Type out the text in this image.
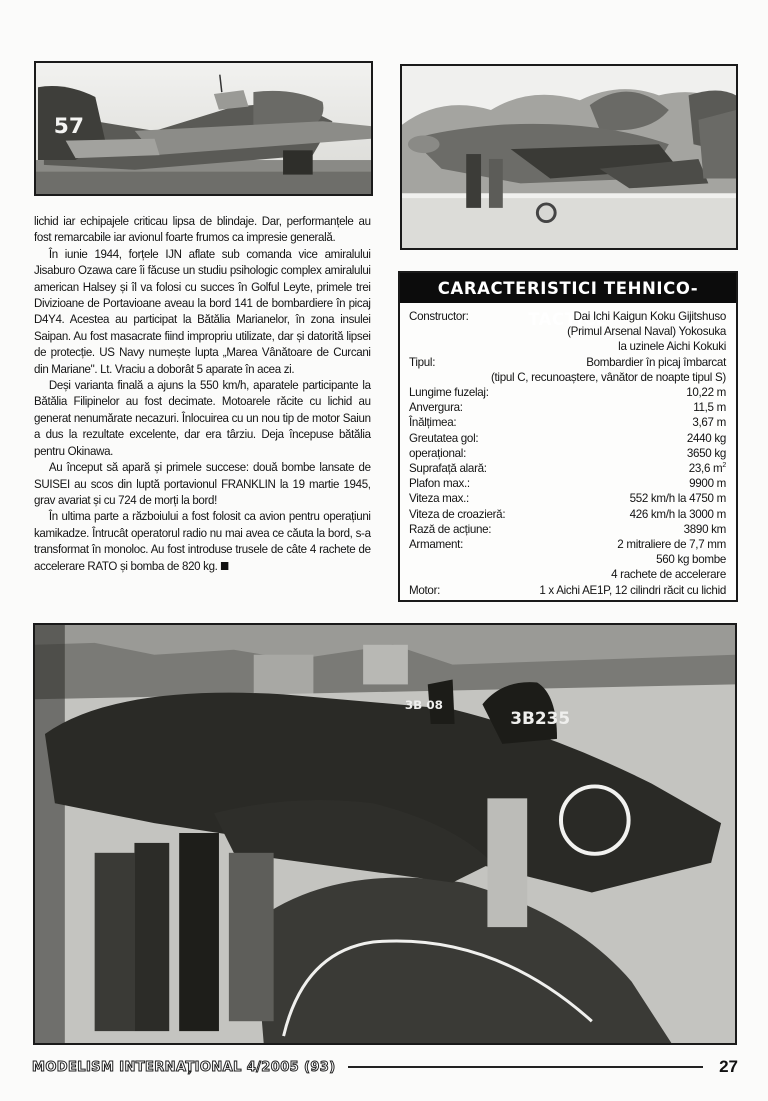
57

lichid iar echipajele criticau lipsa de blindaje. Dar, performanțele au fost remarcabile iar avionul foarte frumos ca impresie generală.

În iunie 1944, forțele IJN aflate sub comanda vice amiralului Jisaburo Ozawa care îi făcuse un studiu psihologic complex amiralului american Halsey și îl va folosi cu succes în Golful Leyte, primele trei Divizioane de Portavioane aveau la bord 141 de bombardiere în picaj D4Y4. Acestea au participat la Bătălia Marianelor, în zona insulei Saipan. Au fost masacrate fiind impropriu utilizate, dar și datorită lipsei de protecție. US Navy numește lupta „Marea Vânătoare de Curcani din Mariane". Lt. Vraciu a doborât 5 aparate în acea zi.

Deși varianta finală a ajuns la 550 km/h, aparatele participante la Bătălia Filipinelor au fost decimate. Motoarele răcite cu lichid au generat nenumărate necazuri. Înlocuirea cu un nou tip de motor Saiun a dus la rezultate excelente, dar era târziu. Deja începuse bătălia pentru Okinawa.

Au început să apară și primele succese: două bombe lansate de SUISEI au scos din luptă portavionul FRANKLIN la 19 martie 1945, grav avariat și cu 724 de morți la bord!

În ultima parte a războiului a fost folosit ca avion pentru operațiuni kamikadze. Întrucât operatorul radio nu mai avea ce căuta la bord, s-a transformat în monoloc. Au fost introduse trusele de câte 4 rachete de accelerare RATO și bomba de 820 kg.

CARACTERISTICI TEHNICO-TACTICE
Constructor:	Dai Ichi Kaigun Koku Gijitshuso
(Primul Arsenal Naval) Yokosuka
la uzinele Aichi Kokuki
Tipul:	Bombardier în picaj îmbarcat
(tipul C, recunoaștere, vânător de noapte tipul S)
Lungime fuzelaj:	10,22 m
Anvergura:	11,5 m
Înălțimea:	3,67 m
Greutatea gol:	2440 kg
operațional:	3650 kg
Suprafață alară:	23,6 $m^2$
Plafon max.:	9900 m
Viteza max.:	552 km/h la 4750 m
Viteza de croazieră:	426 km/h la 3000 m
Rază de acțiune:	3890 km
Armament:	2 mitraliere de 7,7 mm
560 kg bombe
4 rachete de accelerare
Motor:	1 x Aichi AE1P, 12 cilindri răcit cu lichid
3B235
3B 08
MODELISM INTERNAȚIONAL 4/2005 (93)	27
